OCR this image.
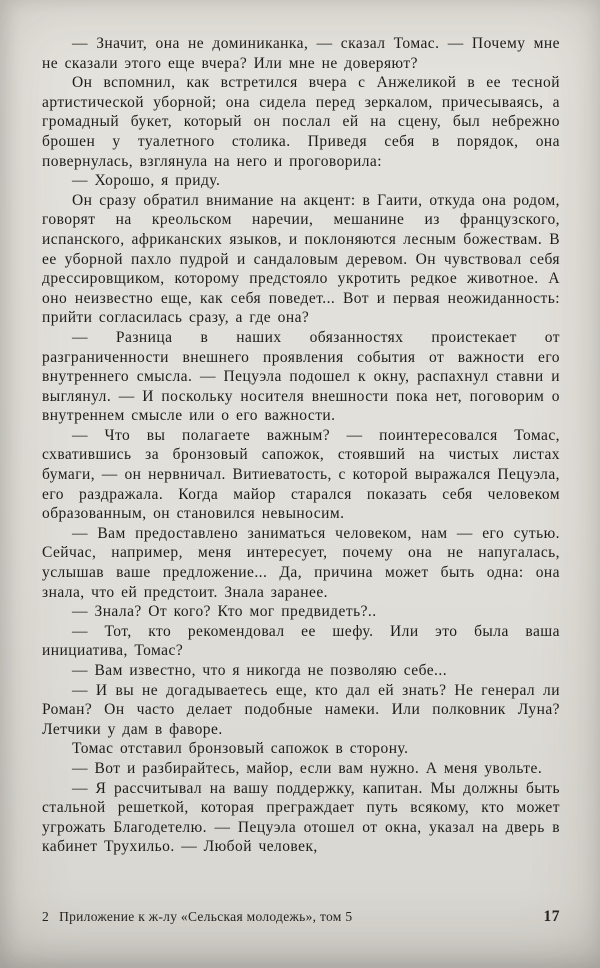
— Значит, она не доминиканка, — сказал Томас. — Почему мне не сказали этого еще вчера? Или мне не доверяют?

Он вспомнил, как встретился вчера с Анжеликой в ее тесной артистической уборной; она сидела перед зеркалом, причесываясь, а громадный букет, который он послал ей на сцену, был небрежно брошен у туалетного столика. Приведя себя в порядок, она повернулась, взглянула на него и проговорила:

— Хорошо, я приду.

Он сразу обратил внимание на акцент: в Гаити, откуда она родом, говорят на креольском наречии, мешанине из французского, испанского, африканских языков, и поклоняются лесным божествам. В ее уборной пахло пудрой и сандаловым деревом. Он чувствовал себя дрессировщиком, которому предстояло укротить редкое животное. А оно неизвестно еще, как себя поведет... Вот и первая неожиданность: прийти согласилась сразу, а где она?

— Разница в наших обязанностях проистекает от разграниченности внешнего проявления события от важности его внутреннего смысла. — Пецуэла подошел к окну, распахнул ставни и выглянул. — И поскольку носителя внешности пока нет, поговорим о внутреннем смысле или о его важности.

— Что вы полагаете важным? — поинтересовался Томас, схватившись за бронзовый сапожок, стоявший на чистых листах бумаги, — он нервничал. Витиеватость, с которой выражался Пецуэла, его раздражала. Когда майор старался показать себя человеком образованным, он становился невыносим.

— Вам предоставлено заниматься человеком, нам — его сутью. Сейчас, например, меня интересует, почему она не напугалась, услышав ваше предложение... Да, причина может быть одна: она знала, что ей предстоит. Знала заранее.

— Знала? От кого? Кто мог предвидеть?..

— Тот, кто рекомендовал ее шефу. Или это была ваша инициатива, Томас?

— Вам известно, что я никогда не позволяю себе...

— И вы не догадываетесь еще, кто дал ей знать? Не генерал ли Роман? Он часто делает подобные намеки. Или полковник Луна? Летчики у дам в фаворе.

Томас отставил бронзовый сапожок в сторону.

— Вот и разбирайтесь, майор, если вам нужно. А меня увольте.

— Я рассчитывал на вашу поддержку, капитан. Мы должны быть стальной решеткой, которая преграждает путь всякому, кто может угрожать Благодетелю. — Пецуэла отошел от окна, указал на дверь в кабинет Трухильо. — Любой человек,

2 Приложение к ж-лу «Сельская молодежь», том 5	17
